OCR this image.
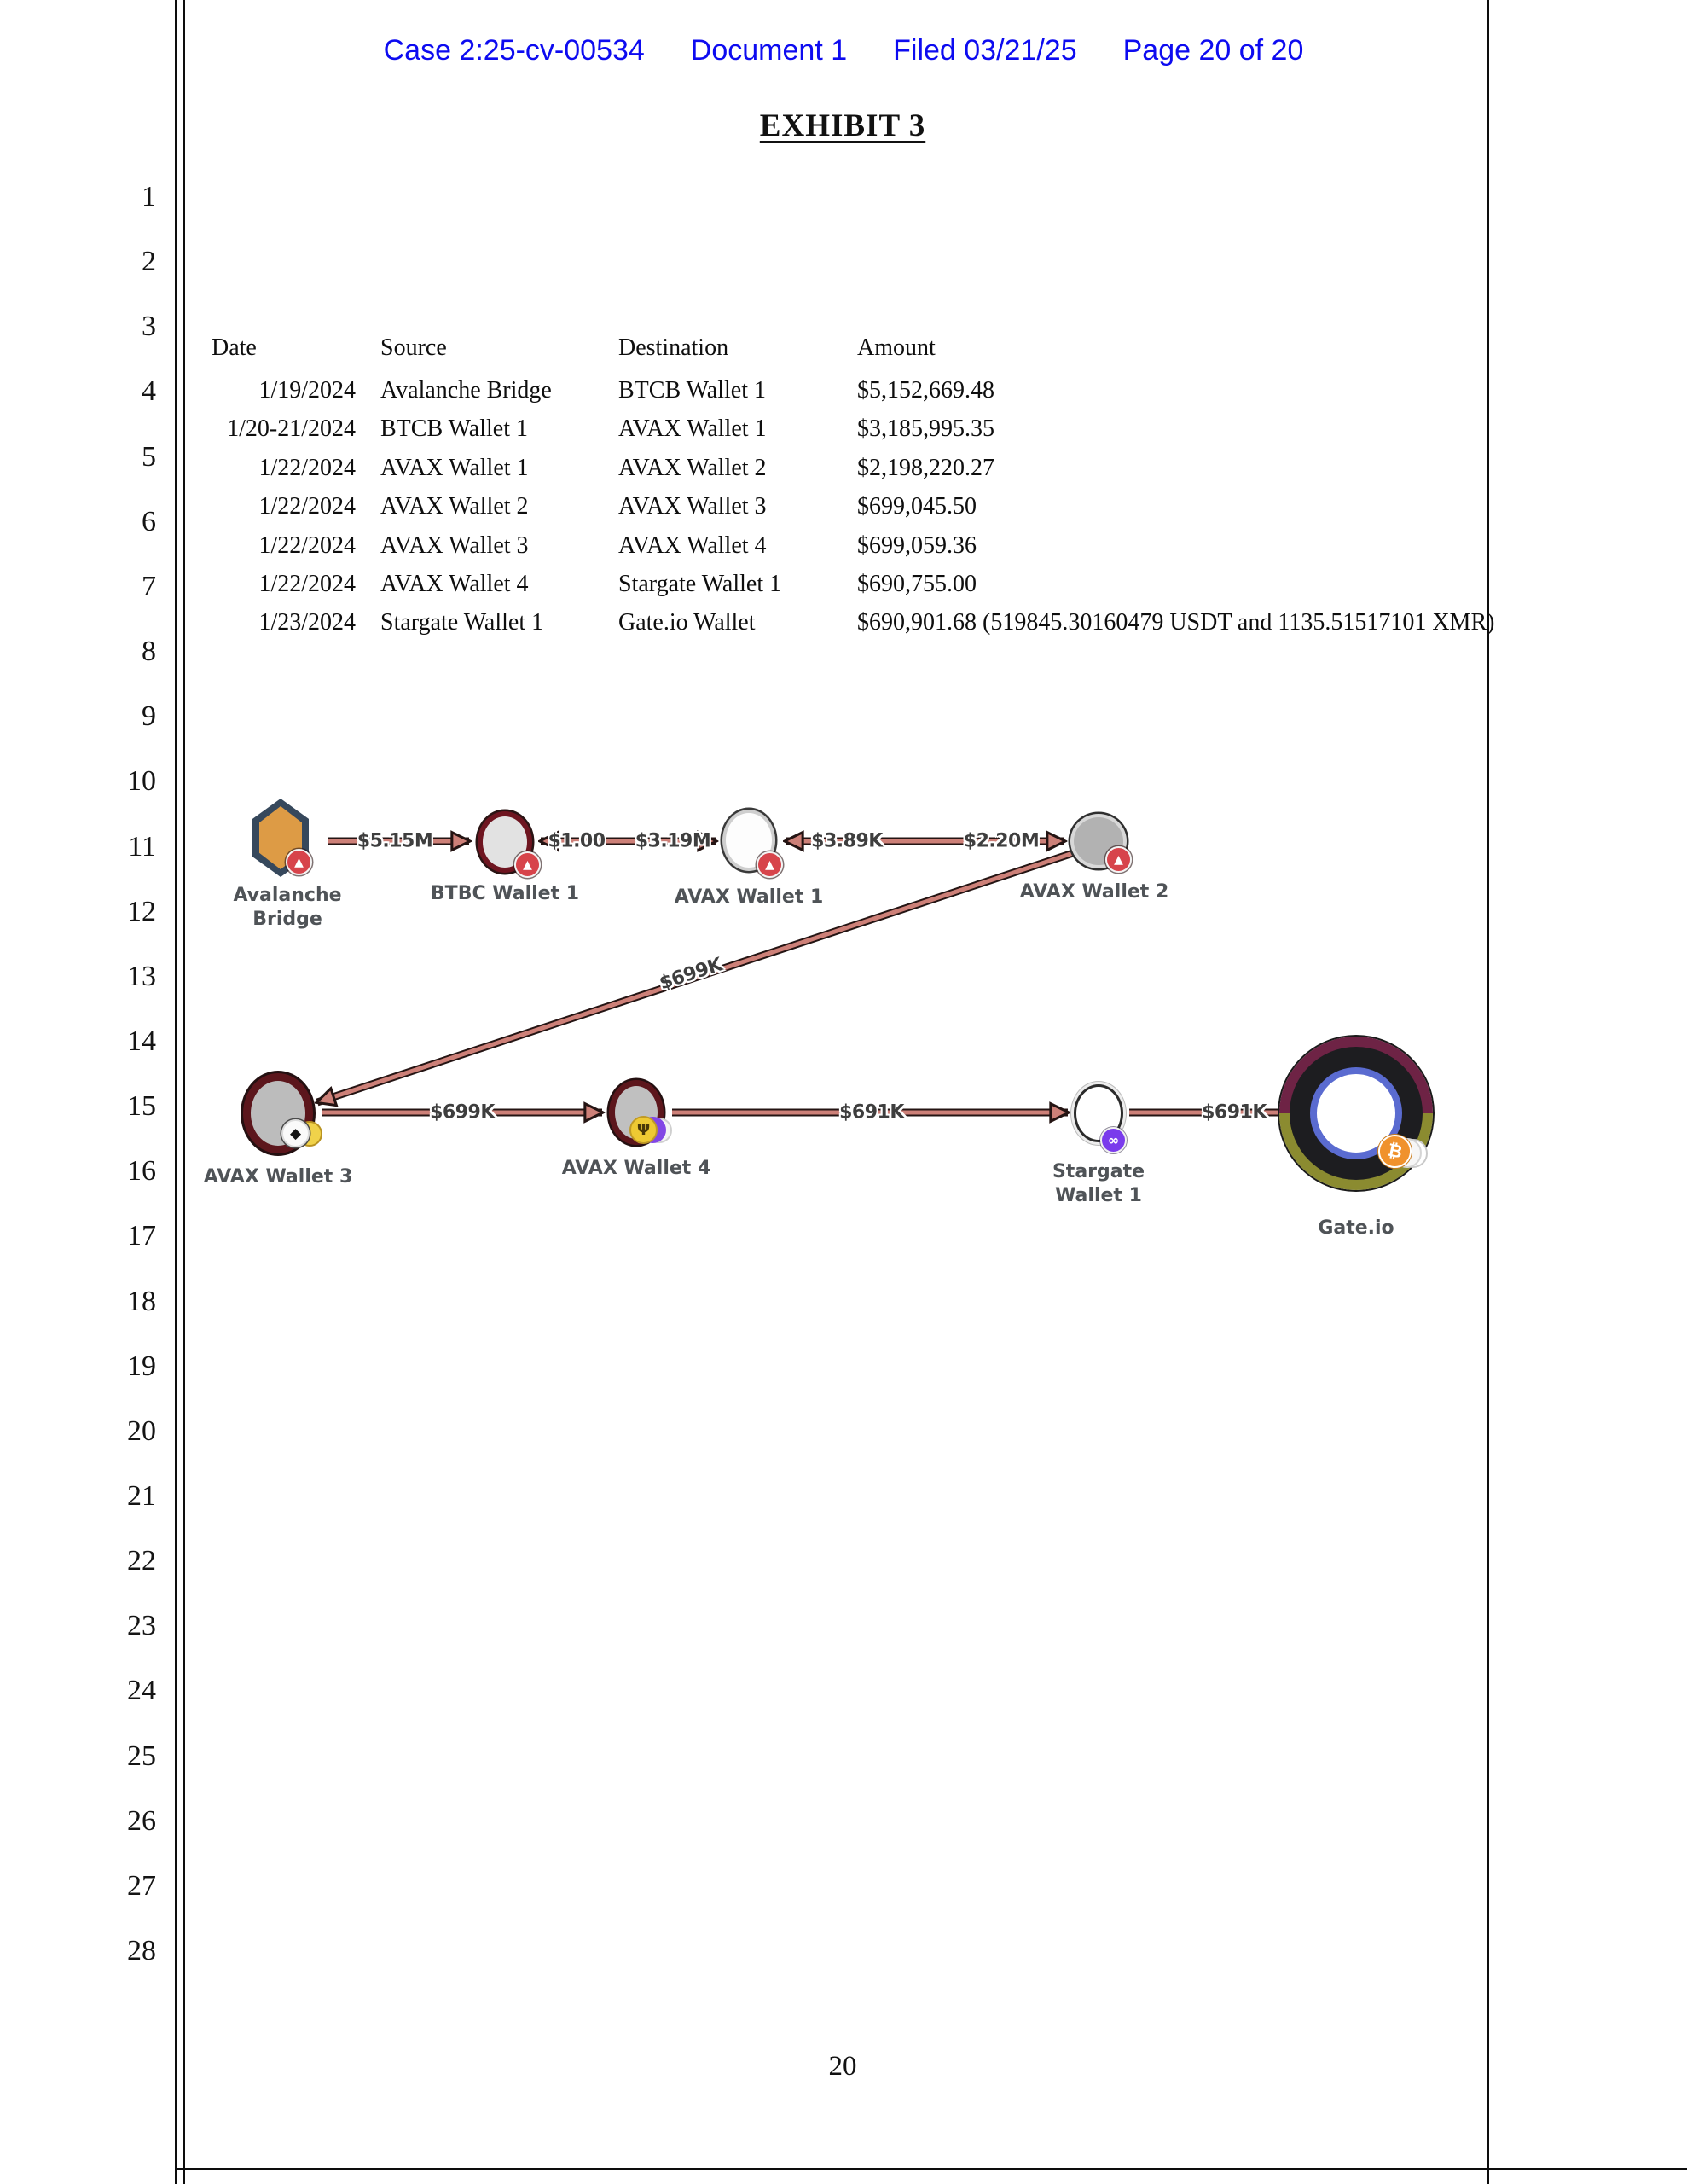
Case 2:25-cv-00534 Document 1 Filed 03/21/25 Page 20 of 20
1
2
3
4
5
6
7
8
9
10
11
12
13
14
15
16
17
18
19
20
21
22
23
24
25
26
27
28
EXHIBIT 3
Date	Source	Destination	Amount
1/19/2024 Avalanche Bridge	BTCB Wallet 1	$5,152,669.48
1/20-21/2024 BTCB Wallet 1	AVAX Wallet 1	$3,185,995.35
1/22/2024 AVAX Wallet 1	AVAX Wallet 2	$2,198,220.27
1/22/2024 AVAX Wallet 2	AVAX Wallet 3	$699,045.50
1/22/2024 AVAX Wallet 3	AVAX Wallet 4	$699,059.36
1/22/2024 AVAX Wallet 4	Stargate Wallet 1	$690,755.00
1/23/2024 Stargate Wallet 1	Gate.io Wallet	$690,901.68 (519845.30160479 USDT and 1135.51517101 XMR)
▲	▲	▲	▲
◆	Ψ
∞	₿
Avalanche Bridge
BTBC Wallet 1	AVAX Wallet 1	AVAX Wallet 2
AVAX Wallet 3	AVAX Wallet 4	Stargate Wallet 1
Gate.io
$5.15M	$1.00 $3.19M	$3.89K	$2.20M
$699K
$699K	$691K	$691K
20
